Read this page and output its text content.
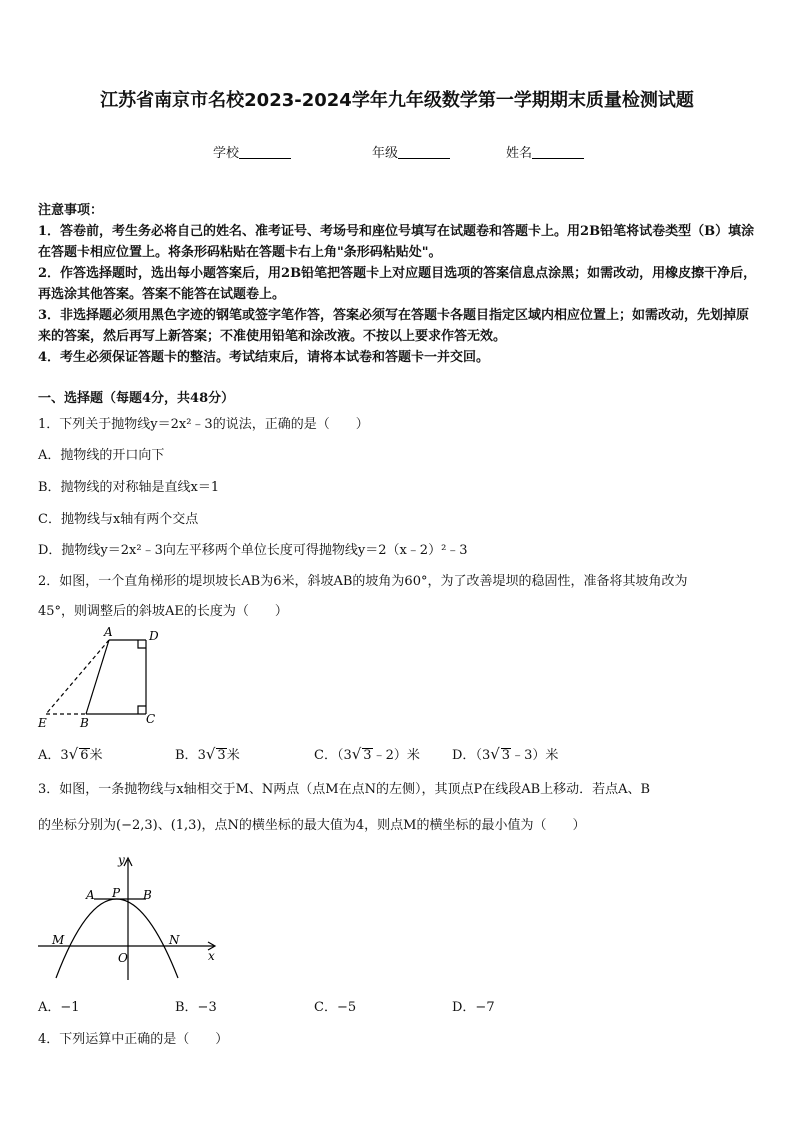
江苏省南京市名校2023-2024学年九年级数学第一学期期末质量检测试题
学校	年级	姓名
注意事项：
1．答卷前，考生务必将自己的姓名、准考证号、考场号和座位号填写在试题卷和答题卡上。用2B铅笔将试卷类型（B）填涂在答题卡相应位置上。将条形码粘贴在答题卡右上角"条形码粘贴处"。
2．作答选择题时，选出每小题答案后，用2B铅笔把答题卡上对应题目选项的答案信息点涂黑；如需改动，用橡皮擦干净后，再选涂其他答案。答案不能答在试题卷上。
3．非选择题必须用黑色字迹的钢笔或签字笔作答，答案必须写在答题卡各题目指定区域内相应位置上；如需改动，先划掉原来的答案，然后再写上新答案；不准使用铅笔和涂改液。不按以上要求作答无效。
4．考生必须保证答题卡的整洁。考试结束后，请将本试卷和答题卡一并交回。
一、选择题（每题4分，共48分）
1．下列关于抛物线y＝2x²﹣3的说法，正确的是（　　）
A．抛物线的开口向下
B．抛物线的对称轴是直线x＝1
C．抛物线与x轴有两个交点
D．抛物线y＝2x²﹣3向左平移两个单位长度可得抛物线y＝2（x﹣2）²﹣3
2．如图，一个直角梯形的堤坝坡长AB为6米，斜坡AB的坡角为60°，为了改善堤坝的稳固性，准备将其坡角改为
45°，则调整后的斜坡AE的长度为（　　）
A	D
E	B	C
A．3√ 6米	B．3√ 3米	C．（3√ 3﹣2）米 D．（3√ 3﹣3）米
3．如图，一条抛物线与x轴相交于M、N两点（点M在点N的左侧），其顶点P在线段AB上移动．若点A、B
的坐标分别为(−2,3)、(1,3)，点N的横坐标的最大值为4，则点M的横坐标的最小值为（　　）
y
x
O
A P B
M	N
A．−1	B．−3	C．−5	D．−7
4．下列运算中正确的是（　　）
